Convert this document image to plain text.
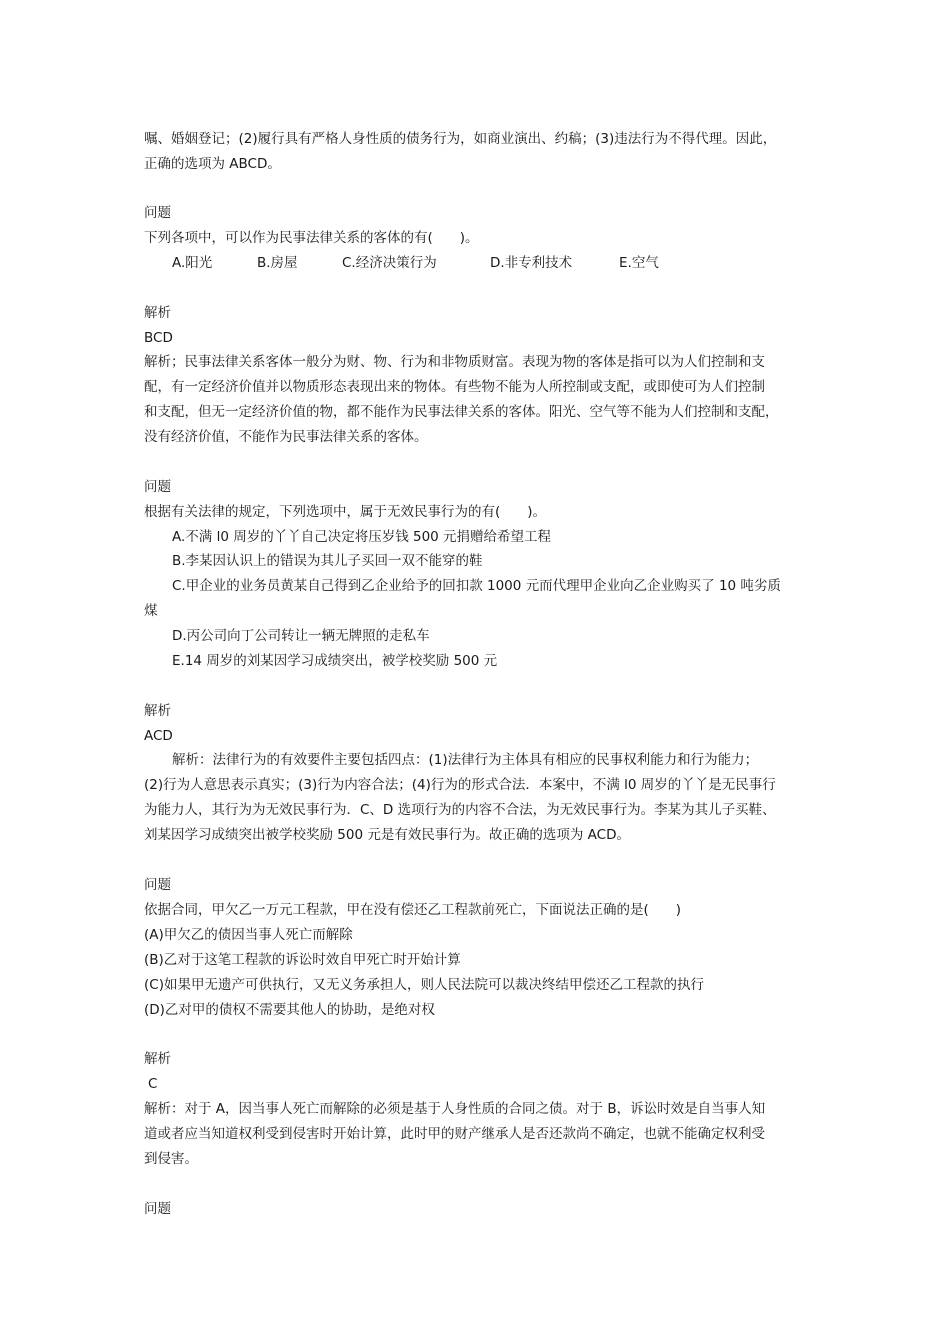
嘱、婚姻登记；(2)履行具有严格人身性质的债务行为，如商业演出、约稿；(3)违法行为不得代理。因此，

正确的选项为 ABCD。

问题

下列各项中，可以作为民事法律关系的客体的有(　　)。

A.阳光	B.房屋	C.经济决策行为	D.非专利技术	E.空气

解析

BCD

解析；民事法律关系客体一般分为财、物、行为和非物质财富。表现为物的客体是指可以为人们控制和支

配，有一定经济价值并以物质形态表现出来的物体。有些物不能为人所控制或支配，或即使可为人们控制

和支配，但无一定经济价值的物，都不能作为民事法律关系的客体。阳光、空气等不能为人们控制和支配，

没有经济价值，不能作为民事法律关系的客体。

问题

根据有关法律的规定，下列选项中，属于无效民事行为的有(　　)。

A.不满 l0 周岁的丫丫自己决定将压岁钱 500 元捐赠给希望工程

B.李某因认识上的错误为其儿子买回一双不能穿的鞋

C.甲企业的业务员黄某自己得到乙企业给予的回扣款 1000 元而代理甲企业向乙企业购买了 10 吨劣质

煤

D.丙公司向丁公司转让一辆无牌照的走私车

E.14 周岁的刘某因学习成绩突出，被学校奖励 500 元

解析

ACD

解析：法律行为的有效要件主要包括四点：(1)法律行为主体具有相应的民事权利能力和行为能力；

(2)行为人意思表示真实；(3)行为内容合法；(4)行为的形式合法．本案中，不满 l0 周岁的丫丫是无民事行

为能力人，其行为为无效民事行为．C、D 选项行为的内容不合法，为无效民事行为。李某为其儿子买鞋、

刘某因学习成绩突出被学校奖励 500 元是有效民事行为。故正确的选项为 ACD。

问题

依据合同，甲欠乙一万元工程款，甲在没有偿还乙工程款前死亡，下面说法正确的是(　　)

(A)甲欠乙的债因当事人死亡而解除

(B)乙对于这笔工程款的诉讼时效自甲死亡时开始计算

(C)如果甲无遗产可供执行，又无义务承担人，则人民法院可以裁决终结甲偿还乙工程款的执行

(D)乙对甲的债权不需要其他人的协助，是绝对权

解析

C

解析：对于 A，因当事人死亡而解除的必须是基于人身性质的合同之债。对于 B，诉讼时效是自当事人知

道或者应当知道权利受到侵害时开始计算，此时甲的财产继承人是否还款尚不确定，也就不能确定权利受

到侵害。

问题
